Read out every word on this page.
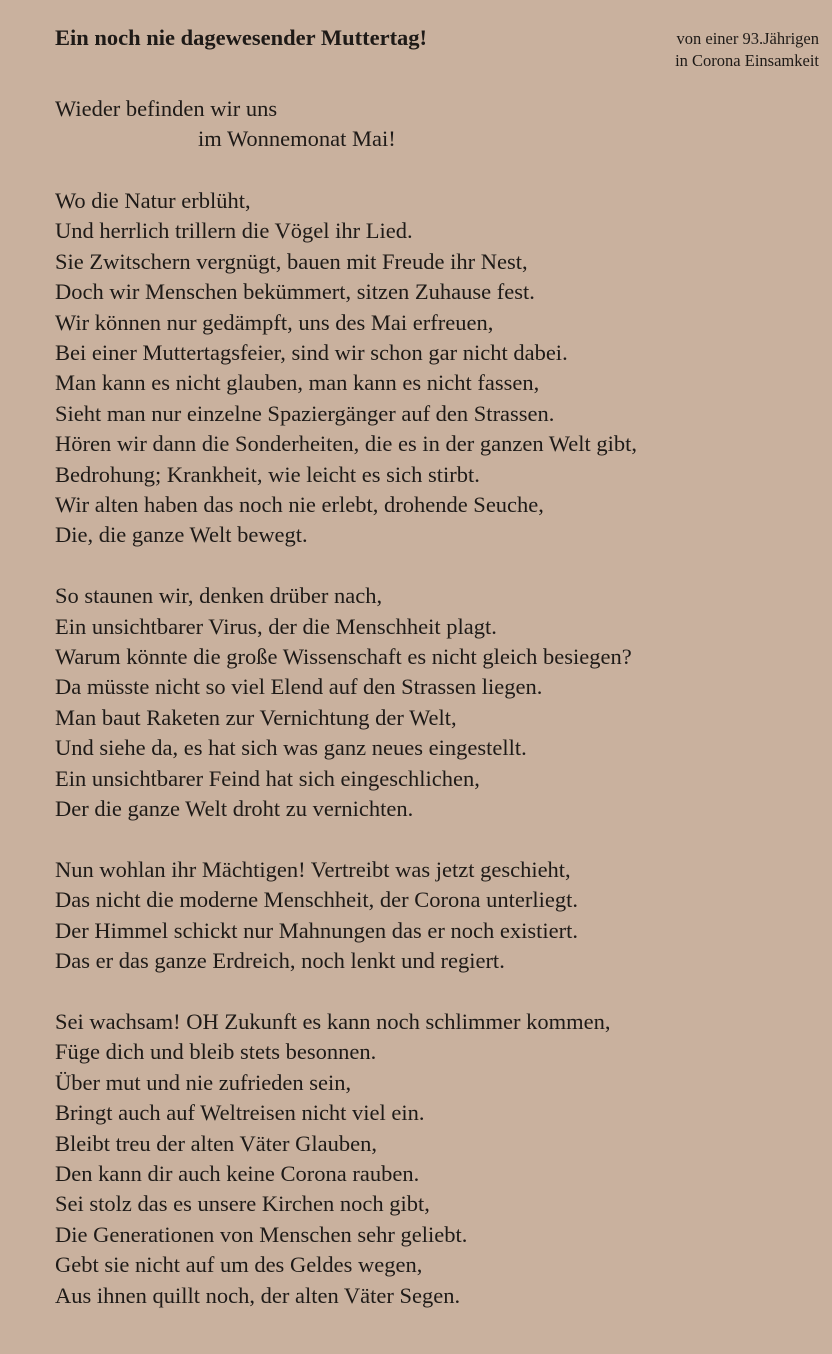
Ein noch nie dagewesender Muttertag!	von einer 93.Jährigen
in Corona Einsamkeit
Wieder befinden wir uns
im Wonnemonat Mai!
Wo die Natur erblüht,
Und herrlich trillern die Vögel ihr Lied.
Sie Zwitschern vergnügt, bauen mit Freude ihr Nest,
Doch wir Menschen bekümmert, sitzen Zuhause fest.
Wir können nur gedämpft, uns des Mai erfreuen,
Bei einer Muttertagsfeier, sind wir schon gar nicht dabei.
Man kann es nicht glauben, man kann es nicht fassen,
Sieht man nur einzelne Spaziergänger auf den Strassen.
Hören wir dann die Sonderheiten, die es in der ganzen Welt gibt,
Bedrohung; Krankheit, wie leicht es sich stirbt.
Wir alten haben das noch nie erlebt, drohende Seuche,
Die, die ganze Welt bewegt.
So staunen wir, denken drüber nach,
Ein unsichtbarer Virus, der die Menschheit plagt.
Warum könnte die große Wissenschaft es nicht gleich besiegen?
Da müsste nicht so viel Elend auf den Strassen liegen.
Man baut Raketen zur Vernichtung der Welt,
Und siehe da, es hat sich was ganz neues eingestellt.
Ein unsichtbarer Feind hat sich eingeschlichen,
Der die ganze Welt droht zu vernichten.
Nun wohlan ihr Mächtigen! Vertreibt was jetzt geschieht,
Das nicht die moderne Menschheit, der Corona unterliegt.
Der Himmel schickt nur Mahnungen das er noch existiert.
Das er das ganze Erdreich, noch lenkt und regiert.
Sei wachsam! OH Zukunft es kann noch schlimmer kommen,
Füge dich und bleib stets besonnen.
Über mut und nie zufrieden sein,
Bringt auch auf Weltreisen nicht viel ein.
Bleibt treu der alten Väter Glauben,
Den kann dir auch keine Corona rauben.
Sei stolz das es unsere Kirchen noch gibt,
Die Generationen von Menschen sehr geliebt.
Gebt sie nicht auf um des Geldes wegen,
Aus ihnen quillt noch, der alten Väter Segen.
